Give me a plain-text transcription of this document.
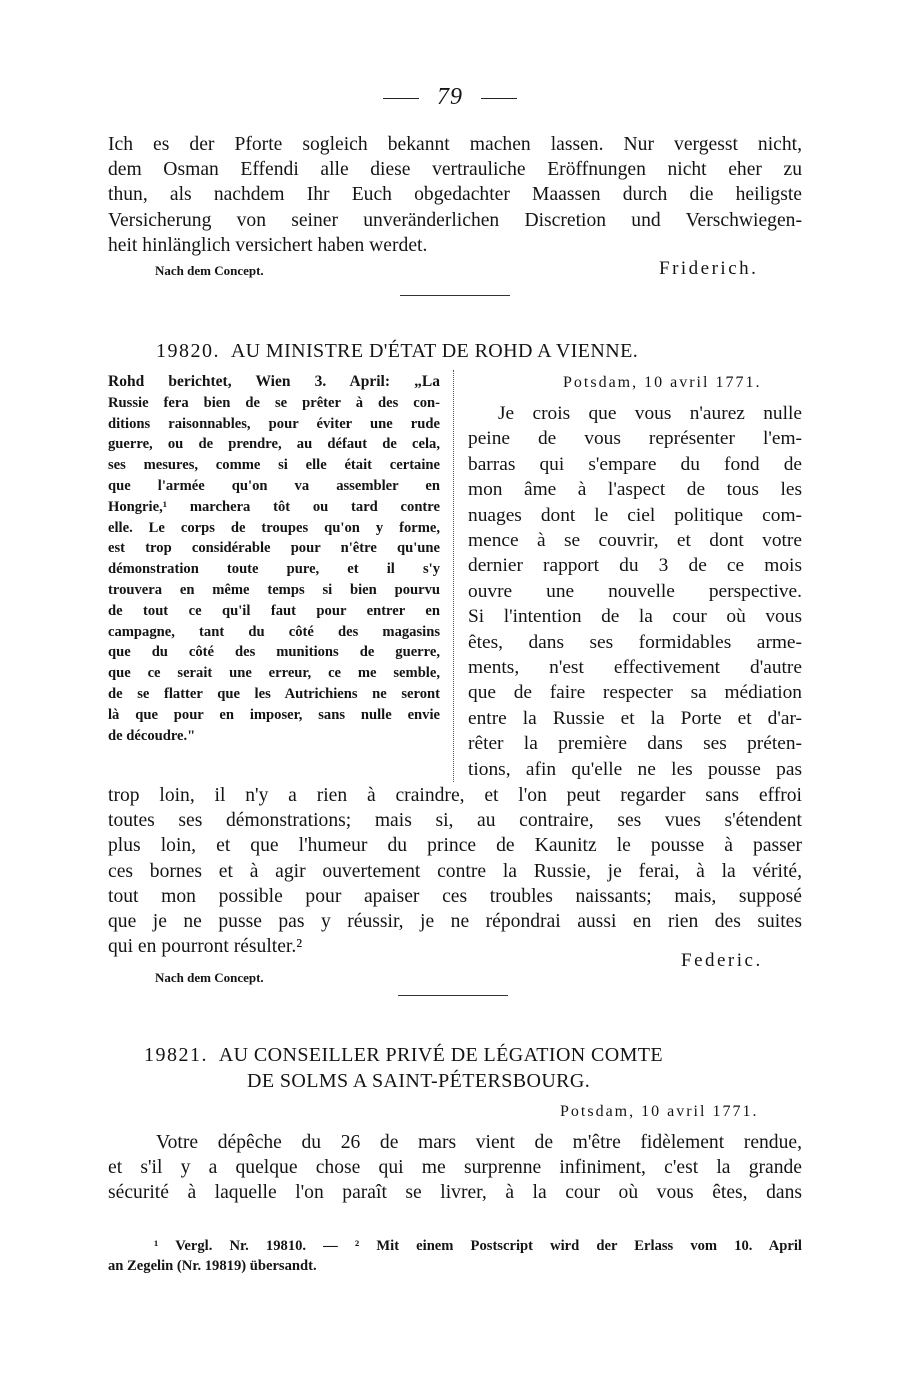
79
Ich es der Pforte sogleich bekannt machen lassen. Nur vergesst nicht,
dem Osman Effendi alle diese vertrauliche Eröffnungen nicht eher zu
thun, als nachdem Ihr Euch obgedachter Maassen durch die heiligste
Versicherung von seiner unveränderlichen Discretion und Verschwiegen-
heit hinlänglich versichert haben werdet.
Nach dem Concept.	Friderich.
19820. AU MINISTRE D'ÉTAT DE ROHD A VIENNE.
Rohd berichtet, Wien 3. April: „La
Russie fera bien de se prêter à des con-
ditions raisonnables, pour éviter une rude
guerre, ou de prendre, au défaut de cela,
ses mesures, comme si elle était certaine
que l'armée qu'on va assembler en
Hongrie,¹ marchera tôt ou tard contre
elle. Le corps de troupes qu'on y forme,
est trop considérable pour n'être qu'une
démonstration toute pure, et il s'y
trouvera en même temps si bien pourvu
de tout ce qu'il faut pour entrer en
campagne, tant du côté des magasins
que du côté des munitions de guerre,
que ce serait une erreur, ce me semble,
de se flatter que les Autrichiens ne seront
là que pour en imposer, sans nulle envie
de découdre."
Potsdam, 10 avril 1771.
Je crois que vous n'aurez nulle
peine de vous représenter l'em-
barras qui s'empare du fond de
mon âme à l'aspect de tous les
nuages dont le ciel politique com-
mence à se couvrir, et dont votre
dernier rapport du 3 de ce mois
ouvre une nouvelle perspective.
Si l'intention de la cour où vous
êtes, dans ses formidables arme-
ments, n'est effectivement d'autre
que de faire respecter sa médiation
entre la Russie et la Porte et d'ar-
rêter la première dans ses préten-
tions, afin qu'elle ne les pousse pas
trop loin, il n'y a rien à craindre, et l'on peut regarder sans effroi
toutes ses démonstrations; mais si, au contraire, ses vues s'étendent
plus loin, et que l'humeur du prince de Kaunitz le pousse à passer
ces bornes et à agir ouvertement contre la Russie, je ferai, à la vérité,
tout mon possible pour apaiser ces troubles naissants; mais, supposé
que je ne pusse pas y réussir, je ne répondrai aussi en rien des suites
qui en pourront résulter.²
Federic.
Nach dem Concept.
19821. AU CONSEILLER PRIVÉ DE LÉGATION COMTE
DE SOLMS A SAINT-PÉTERSBOURG.
Potsdam, 10 avril 1771.
Votre dépêche du 26 de mars vient de m'être fidèlement rendue,
et s'il y a quelque chose qui me surprenne infiniment, c'est la grande
sécurité à laquelle l'on paraît se livrer, à la cour où vous êtes, dans
¹ Vergl. Nr. 19810. — ² Mit einem Postscript wird der Erlass vom 10. April
an Zegelin (Nr. 19819) übersandt.
